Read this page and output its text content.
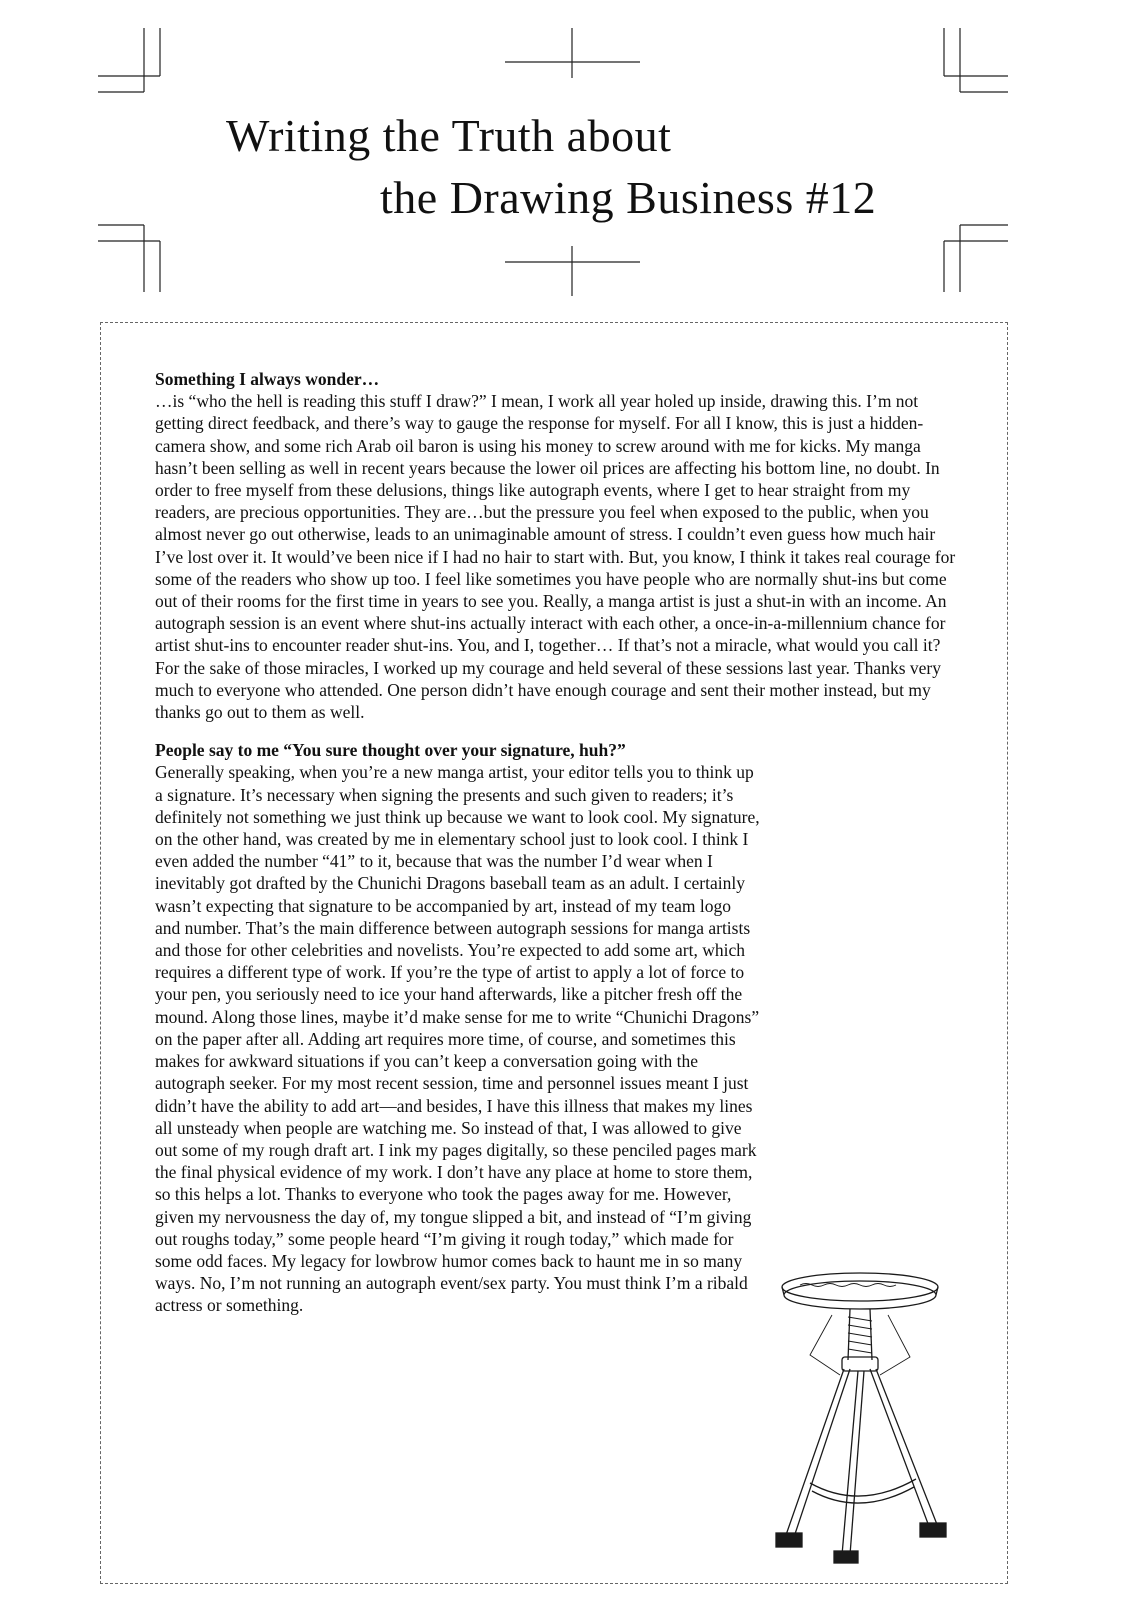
Writing the Truth about
the Drawing Business #12

Something I always wonder…

…is “who the hell is reading this stuff I draw?” I mean, I work all year holed up inside, drawing this. I’m not getting direct feedback, and there’s way to gauge the response for myself. For all I know, this is just a hidden-camera show, and some rich Arab oil baron is using his money to screw around with me for kicks. My manga hasn’t been selling as well in recent years because the lower oil prices are affecting his bottom line, no doubt. In order to free myself from these delusions, things like autograph events, where I get to hear straight from my readers, are precious opportunities. They are…but the pressure you feel when exposed to the public, when you almost never go out otherwise, leads to an unimaginable amount of stress. I couldn’t even guess how much hair I’ve lost over it. It would’ve been nice if I had no hair to start with. But, you know, I think it takes real courage for some of the readers who show up too. I feel like sometimes you have people who are normally shut-ins but come out of their rooms for the first time in years to see you. Really, a manga artist is just a shut-in with an income. An autograph session is an event where shut-ins actually interact with each other, a once-in-a-millennium chance for artist shut-ins to encounter reader shut-ins. You, and I, together… If that’s not a miracle, what would you call it? For the sake of those miracles, I worked up my courage and held several of these sessions last year. Thanks very much to everyone who attended. One person didn’t have enough courage and sent their mother instead, but my thanks go out to them as well.

People say to me “You sure thought over your signature, huh?”

Generally speaking, when you’re a new manga artist, your editor tells you to think up a signature. It’s necessary when signing the presents and such given to readers; it’s definitely not something we just think up because we want to look cool. My signature, on the other hand, was created by me in elementary school just to look cool. I think I even added the number “41” to it, because that was the number I’d wear when I inevitably got drafted by the Chunichi Dragons baseball team as an adult. I certainly wasn’t expecting that signature to be accompanied by art, instead of my team logo and number. That’s the main difference between autograph sessions for manga artists and those for other celebrities and novelists. You’re expected to add some art, which requires a different type of work. If you’re the type of artist to apply a lot of force to your pen, you seriously need to ice your hand afterwards, like a pitcher fresh off the mound. Along those lines, maybe it’d make sense for me to write “Chunichi Dragons” on the paper after all. Adding art requires more time, of course, and sometimes this makes for awkward situations if you can’t keep a conversation going with the autograph seeker. For my most recent session, time and personnel issues meant I just didn’t have the ability to add art—and besides, I have this illness that makes my lines all unsteady when people are watching me. So instead of that, I was allowed to give out some of my rough draft art. I ink my pages digitally, so these penciled pages mark the final physical evidence of my work. I don’t have any place at home to store them, so this helps a lot. Thanks to everyone who took the pages away for me. However, given my nervousness the day of, my tongue slipped a bit, and instead of “I’m giving out roughs today,” some people heard “I’m giving it rough today,” which made for some odd faces. My legacy for lowbrow humor comes back to haunt me in so many ways. No, I’m not running an autograph event/sex party. You must think I’m a ribald actress or something.
